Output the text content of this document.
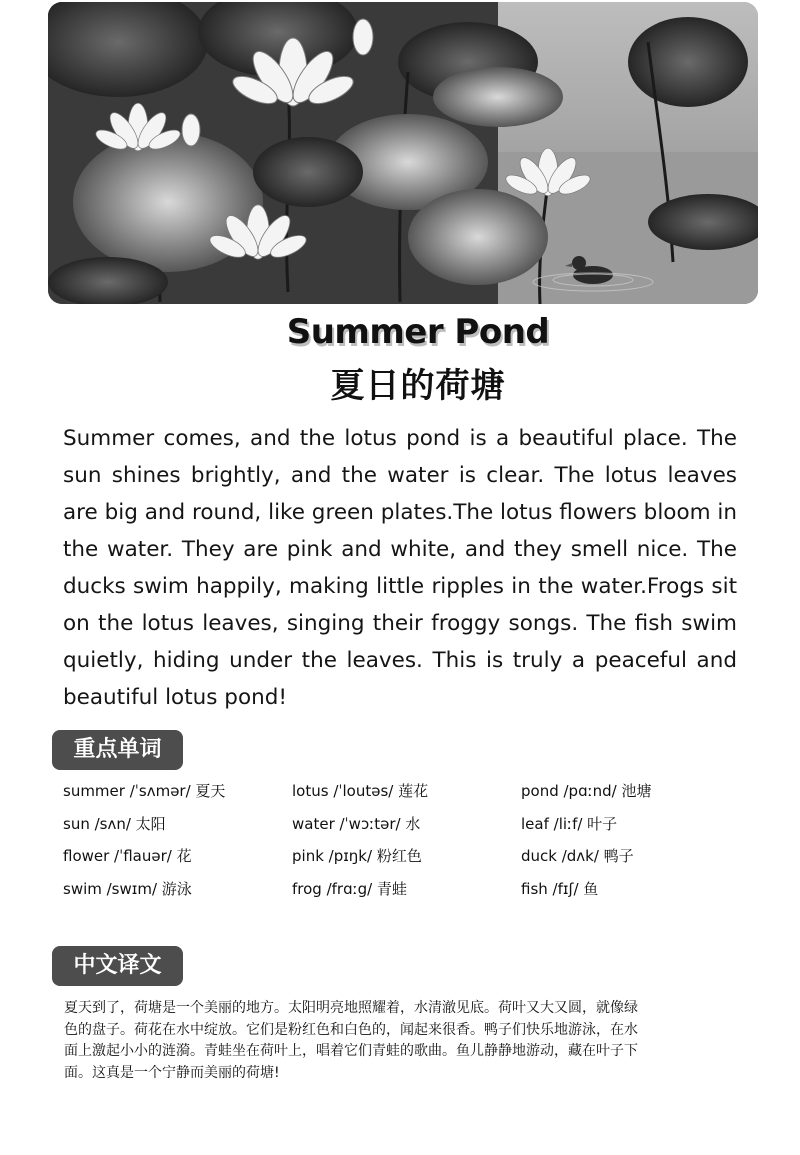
Summer Pond
夏日的荷塘

Summer comes, and the lotus pond is a beautiful place. The sun shines brightly, and the water is clear. The lotus leaves are big and round, like green plates.The lotus flowers bloom in the water. They are pink and white, and they smell nice. The ducks swim happily, making little ripples in the water.Frogs sit on the lotus leaves, singing their froggy songs. The fish swim quietly, hiding under the leaves. This is truly a peaceful and beautiful lotus pond!

重点单词
summer /ˈsʌmər/ 夏天	lotus /ˈloutəs/ 莲花	pond /pɑːnd/ 池塘
sun /sʌn/ 太阳	water /ˈwɔːtər/ 水	leaf /liːf/ 叶子
flower /ˈflauər/ 花	pink /pɪŋk/ 粉红色	duck /dʌk/ 鸭子
swim /swɪm/ 游泳	frog /frɑːg/ 青蛙	fish /fɪʃ/ 鱼
中文译文

夏天到了，荷塘是一个美丽的地方。太阳明亮地照耀着，水清澈见底。荷叶又大又圆，就像绿色的盘子。荷花在水中绽放。它们是粉红色和白色的，闻起来很香。鸭子们快乐地游泳，在水面上激起小小的涟漪。青蛙坐在荷叶上，唱着它们青蛙的歌曲。鱼儿静静地游动，藏在叶子下面。这真是一个宁静而美丽的荷塘!
